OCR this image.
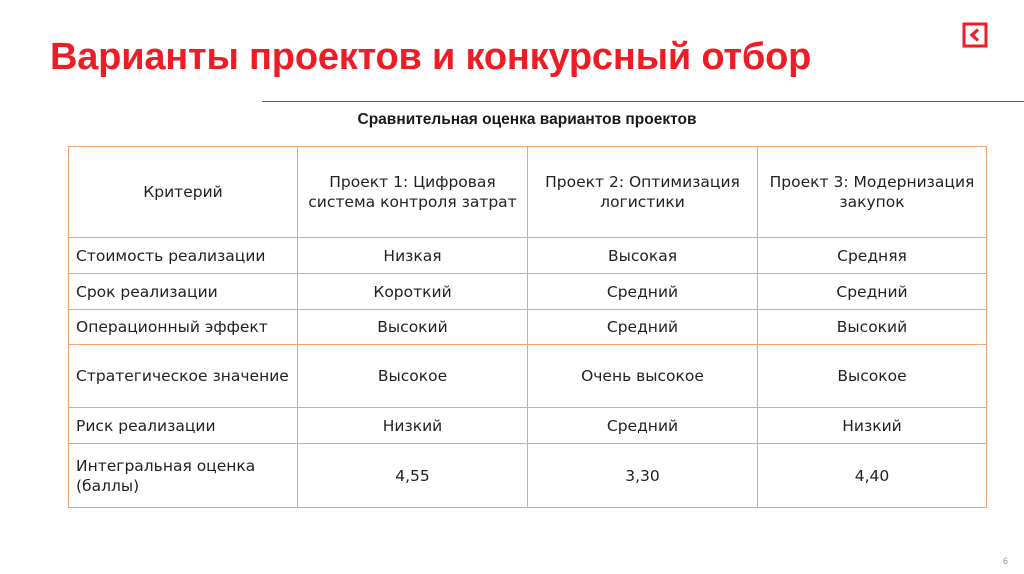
Варианты проектов и конкурсный отбор
Сравнительная оценка вариантов проектов
Критерий	Проект 1: Цифровая система контроля затрат	Проект 2: Оптимизация логистики	Проект 3: Модернизация закупок
Стоимость реализации	Низкая	Высокая	Средняя
Срок реализации	Короткий	Средний	Средний
Операционный эффект	Высокий	Средний	Высокий
Стратегическое значение	Высокое	Очень высокое	Высокое
Риск реализации	Низкий	Средний	Низкий
Интегральная оценка (баллы)	4,55	3,30	4,40
6
